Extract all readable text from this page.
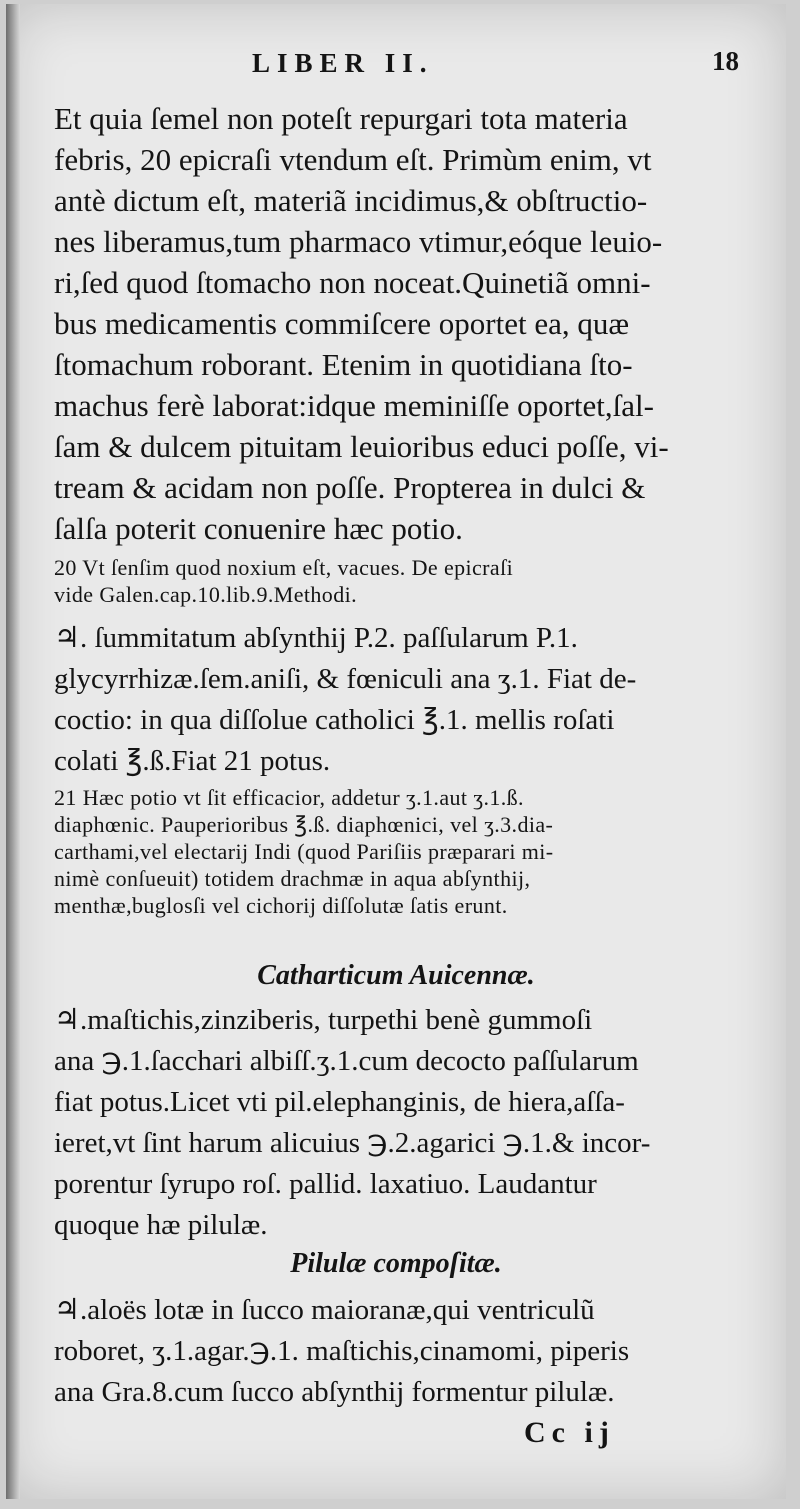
LIBER II.	18
Et quia ſemel non poteſt repurgari tota materia
febris, 20 epicraſi vtendum eſt. Primùm enim, vt
antè dictum eſt, materiã incidimus,& obſtructio-
nes liberamus,tum pharmaco vtimur,eóque leuio-
ri,ſed quod ſtomacho non noceat.Quinetiã omni-
bus medicamentis commiſcere oportet ea, quæ
ſtomachum roborant. Etenim in quotidiana ſto-
machus ferè laborat:idque meminiſſe oportet,ſal-
ſam & dulcem pituitam leuioribus educi poſſe, vi-
tream & acidam non poſſe. Propterea in dulci &
ſalſa poterit conuenire hæc potio.
20 Vt ſenſim quod noxium eſt, vacues. De epicraſi
vide Galen.cap.10.lib.9.Methodi.
♃. ſummitatum abſynthij P.2. paſſularum P.1.
glycyrrhizæ.ſem.aniſi, & fœniculi ana ʒ.1. Fiat de-
coctio: in qua diſſolue catholici ℥.1. mellis roſati
colati ℥.ß.Fiat 21 potus.
21 Hæc potio vt ſit efficacior, addetur ʒ.1.aut ʒ.1.ß.
diaphœnic. Pauperioribus ℥.ß. diaphœnici, vel ʒ.3.dia-
carthami,vel electarij Indi (quod Pariſiis præparari mi-
nimè conſueuit) totidem drachmæ in aqua abſynthij,
menthæ,buglosſi vel cichorij diſſolutæ ſatis erunt.
Catharticum Auicennæ.
♃.maſtichis,zinziberis, turpethi benè gummoſi
ana ℈.1.ſacchari albiſſ.ʒ.1.cum decocto paſſularum
fiat potus.Licet vti pil.elephanginis, de hiera,aſſa-
ieret,vt ſint harum alicuius ℈.2.agarici ℈.1.& incor-
porentur ſyrupo roſ. pallid. laxatiuo. Laudantur
quoque hæ pilulæ.
Pilulæ compoſitæ.
♃.aloës lotæ in ſucco maioranæ,qui ventriculũ
roboret, ʒ.1.agar.℈.1. maſtichis,cinamomi, piperis
ana Gra.8.cum ſucco abſynthij formentur pilulæ.
Cc ij
